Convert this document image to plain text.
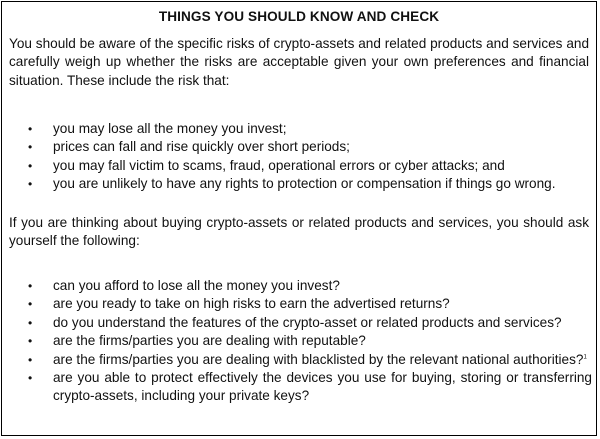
THINGS YOU SHOULD KNOW AND CHECK
You should be aware of the specific risks of crypto-assets and related products and services and carefully weigh up whether the risks are acceptable given your own preferences and financial situation. These include the risk that:
• you may lose all the money you invest;
• prices can fall and rise quickly over short periods;
• you may fall victim to scams, fraud, operational errors or cyber attacks; and
• you are unlikely to have any rights to protection or compensation if things go wrong.
If you are thinking about buying crypto-assets or related products and services, you should ask yourself the following:
• can you afford to lose all the money you invest?
• are you ready to take on high risks to earn the advertised returns?
• do you understand the features of the crypto-asset or related products and services?
• are the firms/parties you are dealing with reputable?
• are the firms/parties you are dealing with blacklisted by the relevant national authorities?$^1$
• are you able to protect effectively the devices you use for buying, storing or transferring crypto-assets, including your private keys?
